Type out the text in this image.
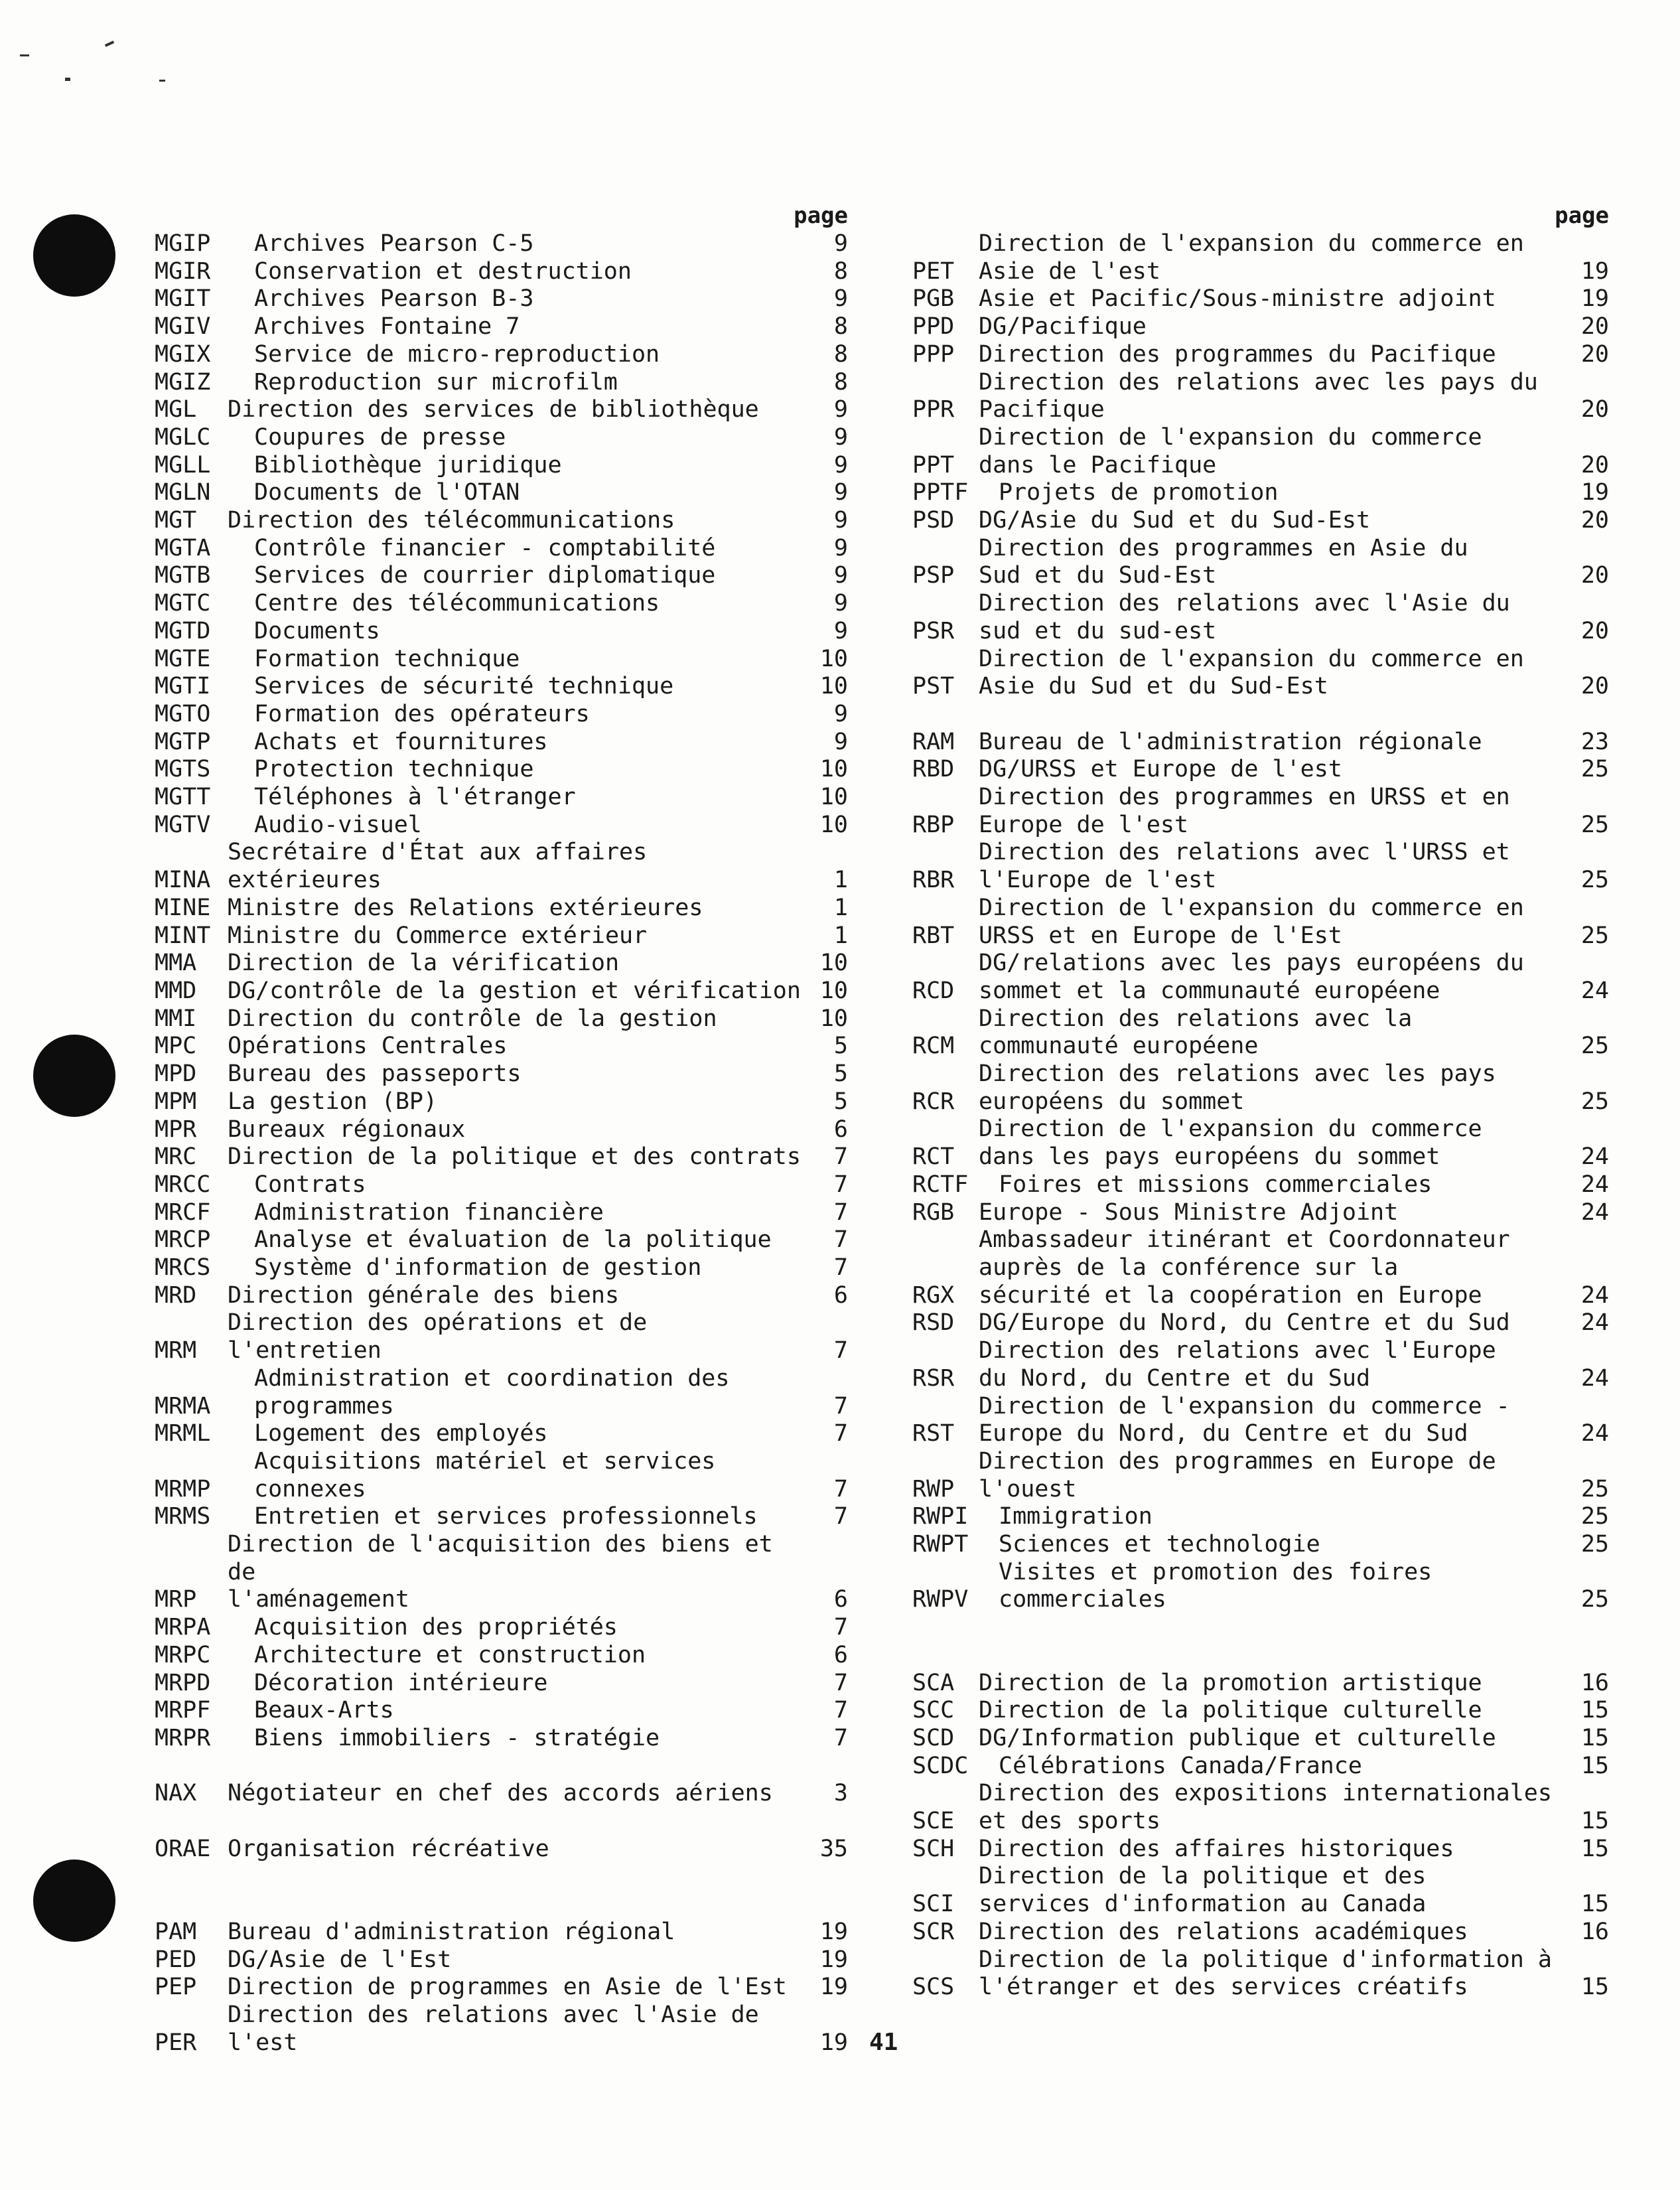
page
MGIP	Archives Pearson C-5	9
MGIR	Conservation et destruction	8
MGIT	Archives Pearson B-3	9
MGIV	Archives Fontaine 7	8
MGIX	Service de micro-reproduction	8
MGIZ	Reproduction sur microfilm	8
MGL	Direction des services de bibliothèque	9
MGLC	Coupures de presse	9
MGLL	Bibliothèque juridique	9
MGLN	Documents de l'OTAN	9
MGT	Direction des télécommunications	9
MGTA	Contrôle financier - comptabilité	9
MGTB	Services de courrier diplomatique	9
MGTC	Centre des télécommunications	9
MGTD	Documents	9
MGTE	Formation technique	10
MGTI	Services de sécurité technique	10
MGTO	Formation des opérateurs	9
MGTP	Achats et fournitures	9
MGTS	Protection technique	10
MGTT	Téléphones à l'étranger	10
MGTV	Audio-visuel	10
MINA
Secrétaire d'État aux affaires
extérieures	1
MINE Ministre des Relations extérieures	1
MINT Ministre du Commerce extérieur	1
MMA	Direction de la vérification	10
MMD	DG/contrôle de la gestion et vérification 10
MMI	Direction du contrôle de la gestion	10
MPC	Opérations Centrales	5
MPD	Bureau des passeports	5
MPM	La gestion (BP)	5
MPR	Bureaux régionaux	6
MRC	Direction de la politique et des contrats	7
MRCC	Contrats	7
MRCF	Administration financière	7
MRCP	Analyse et évaluation de la politique	7
MRCS	Système d'information de gestion	7
MRD	Direction générale des biens	6
MRM
Direction des opérations et de l'entretien	7
MRMA
Administration et coordination des
programmes	7
MRML	Logement des employés	7
MRMP
Acquisitions matériel et services
connexes	7
MRMS	Entretien et services professionnels	7
MRP
Direction de l'acquisition des biens et de
l'aménagement	6
MRPA	Acquisition des propriétés	7
MRPC	Architecture et construction	6
MRPD	Décoration intérieure	7
MRPF	Beaux-Arts	7
MRPR	Biens immobiliers - stratégie	7
NAX	Négotiateur en chef des accords aériens	3
ORAE Organisation récréative	35
PAM	Bureau d'administration régional	19
PED	DG/Asie de l'Est	19
PEP	Direction de programmes en Asie de l'Est	19
PER
Direction des relations avec l'Asie de
l'est	19
page
PET
Direction de l'expansion du commerce en
Asie de l'est	19
PGB	Asie et Pacific/Sous-ministre adjoint	19
PPD	DG/Pacifique	20
PPP	Direction des programmes du Pacifique	20
PPR
Direction des relations avec les pays du
Pacifique	20
PPT
Direction de l'expansion du commerce
dans le Pacifique	20
PPTF	Projets de promotion	19
PSD	DG/Asie du Sud et du Sud-Est	20
PSP
Direction des programmes en Asie du
Sud et du Sud-Est	20
PSR
Direction des relations avec l'Asie du
sud et du sud-est	20
PST
Direction de l'expansion du commerce en
Asie du Sud et du Sud-Est	20
RAM	Bureau de l'administration régionale	23
RBD	DG/URSS et Europe de l'est	25
RBP
Direction des programmes en URSS et en
Europe de l'est	25
RBR
Direction des relations avec l'URSS et
l'Europe de l'est	25
RBT
Direction de l'expansion du commerce en
URSS et en Europe de l'Est	25
RCD
DG/relations avec les pays européens du
sommet et la communauté européene	24
RCM
Direction des relations avec la
communauté européene	25
RCR
Direction des relations avec les pays
européens du sommet	25
RCT
Direction de l'expansion du commerce
dans les pays européens du sommet	24
RCTF	Foires et missions commerciales	24
RGB	Europe - Sous Ministre Adjoint	24
RGX
Ambassadeur itinérant et Coordonnateur
auprès de la conférence sur la
sécurité et la coopération en Europe	24
RSD	DG/Europe du Nord, du Centre et du Sud	24
RSR
Direction des relations avec l'Europe
du Nord, du Centre et du Sud	24
RST
Direction de l'expansion du commerce -
Europe du Nord, du Centre et du Sud	24
RWP
Direction des programmes en Europe de
l'ouest	25
RWPI	Immigration	25
RWPT	Sciences et technologie	25
RWPV
Visites et promotion des foires
commerciales	25
SCA	Direction de la promotion artistique	16
SCC	Direction de la politique culturelle	15
SCD	DG/Information publique et culturelle	15
SCDC	Célébrations Canada/France	15
SCE
Direction des expositions internationales
et des sports	15
SCH	Direction des affaires historiques	15
SCI
Direction de la politique et des
services d'information au Canada	15
SCR	Direction des relations académiques	16
SCS
Direction de la politique d'information à
l'étranger et des services créatifs	15
41
